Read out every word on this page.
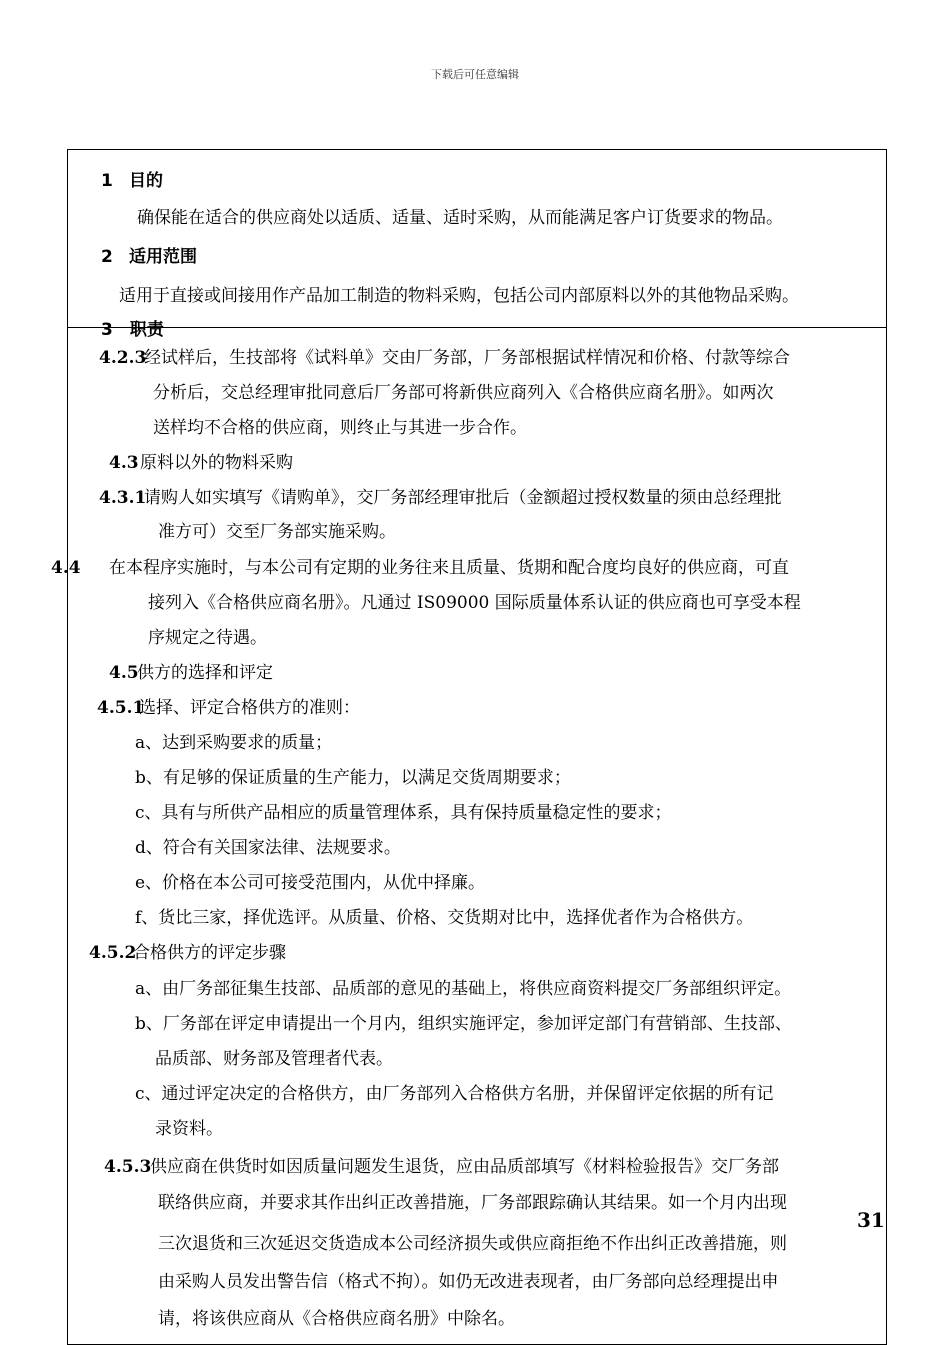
下载后可任意编辑
1 目的
确保能在适合的供应商处以适质、适量、适时采购，从而能满足客户订货要求的物品。
2 适用范围
适用于直接或间接用作产品加工制造的物料采购，包括公司内部原料以外的其他物品采购。
3　职责
4.2.3
经试样后，生技部将《试料单》交由厂务部，厂务部根据试样情况和价格、付款等综合
分析后，交总经理审批同意后厂务部可将新供应商列入《合格供应商名册》。如两次
送样均不合格的供应商，则终止与其进一步合作。
4.3 原料以外的物料采购
4.3.1
请购人如实填写《请购单》，交厂务部经理审批后（金额超过授权数量的须由总经理批
准方可）交至厂务部实施采购。
4.4 在本程序实施时，与本公司有定期的业务往来且质量、货期和配合度均良好的供应商，可直
接列入《合格供应商名册》。凡通过 IS09000 国际质量体系认证的供应商也可享受本程
序规定之待遇。
4.5
供方的选择和评定
4.5.1
选择、评定合格供方的准则：
a、达到采购要求的质量；
b、有足够的保证质量的生产能力，以满足交货周期要求；
c、具有与所供产品相应的质量管理体系，具有保持质量稳定性的要求；
d、符合有关国家法律、法规要求。
e、价格在本公司可接受范围内，从优中择廉。
f、货比三家，择优选评。从质量、价格、交货期对比中，选择优者作为合格供方。
4.5.2
合格供方的评定步骤
a、由厂务部征集生技部、品质部的意见的基础上，将供应商资料提交厂务部组织评定。
b、厂务部在评定申请提出一个月内，组织实施评定，参加评定部门有营销部、生技部、
品质部、财务部及管理者代表。
c、通过评定决定的合格供方，由厂务部列入合格供方名册，并保留评定依据的所有记
录资料。
4.5.3
供应商在供货时如因质量问题发生退货，应由品质部填写《材料检验报告》交厂务部
联络供应商，并要求其作出纠正改善措施，厂务部跟踪确认其结果。如一个月内出现
三次退货和三次延迟交货造成本公司经济损失或供应商拒绝不作出纠正改善措施，则
由采购人员发出警告信（格式不拘）。如仍无改进表现者，由厂务部向总经理提出申
请，将该供应商从《合格供应商名册》中除名。
31
